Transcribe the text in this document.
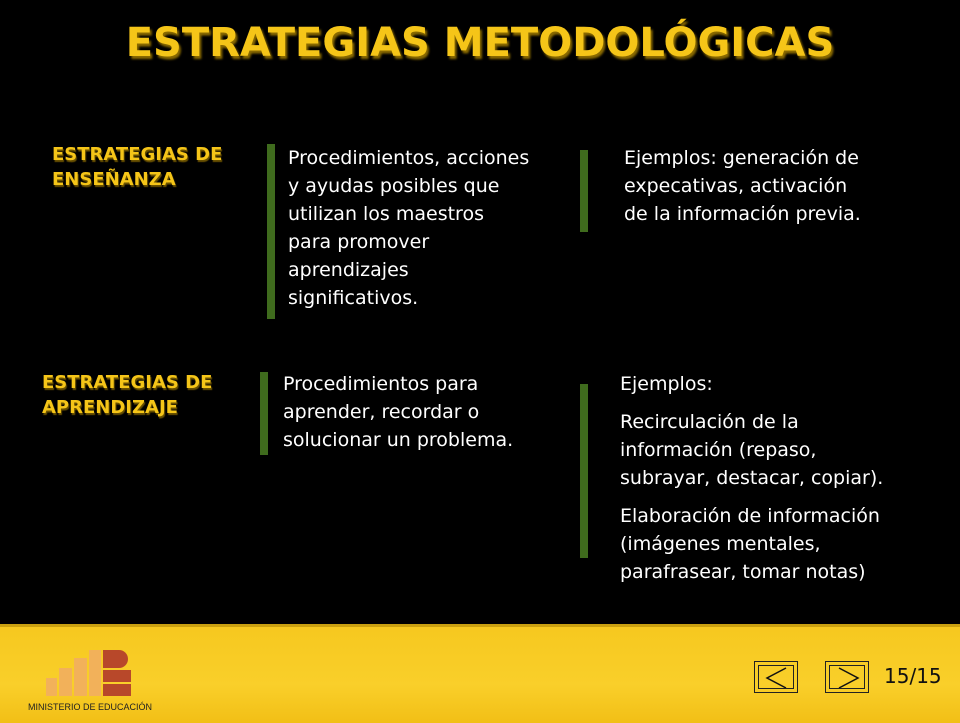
ESTRATEGIAS METODOLÓGICAS
ESTRATEGIAS DE
ENSEÑANZA
Procedimientos, acciones
y ayudas posibles que
utilizan los maestros
para promover
aprendizajes
significativos.
Ejemplos: generación de
expecativas, activación
de la información previa.
ESTRATEGIAS DE
APRENDIZAJE
Procedimientos para
aprender, recordar o
solucionar un problema.

Ejemplos:

Recirculación de la
información (repaso,
subrayar, destacar, copiar).

Elaboración de información
(imágenes mentales,
parafrasear, tomar notas)

MINISTERIO DE EDUCACIÓN
15/15
